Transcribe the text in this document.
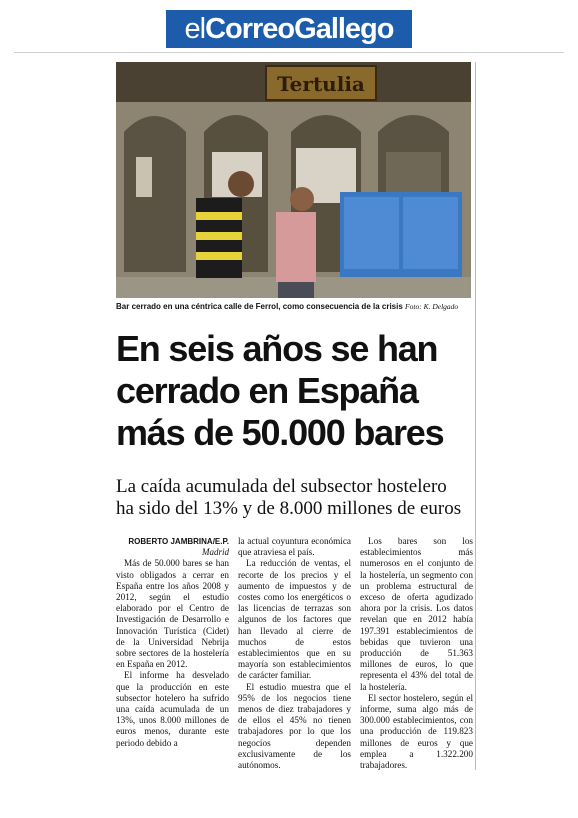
elCorreoGallego
Tertulia
Bar cerrado en una céntrica calle de Ferrol, como consecuencia de la crisis Foto: K. Delgado
En seis años se han
cerrado en España
más de 50.000 bares
La caída acumulada del subsector hostelero
ha sido del 13% y de 8.000 millones de euros

ROBERTO JAMBRINA/E.P.

Madrid

Más de 50.000 bares se han visto obligados a cerrar en España entre los años 2008 y 2012, según el estudio elaborado por el Centro de Investigación de Desarrollo e Innovación Turística (Cidet) de la Universidad Nebrija sobre sectores de la hostelería en España en 2012.

El informe ha desvelado que la producción en este subsector hotelero ha sufrido una caída acumulada de un 13%, unos 8.000 millones de euros menos, durante este periodo debido a

la actual coyuntura económica que atraviesa el país.

La reducción de ventas, el recorte de los precios y el aumento de impuestos y de costes como los energéticos o las licencias de terrazas son algunos de los factores que han llevado al cierre de muchos de estos establecimientos que en su mayoría son establecimientos de carácter familiar.

El estudio muestra que el 95% de los negocios tiene menos de diez trabajadores y de ellos el 45% no tienen trabajadores por lo que los negocios dependen exclusivamente de los autónomos.

Los bares son los establecimientos más numerosos en el conjunto de la hostelería, un segmento con un problema estructural de exceso de oferta agudizado ahora por la crisis. Los datos revelan que en 2012 había 197.391 establecimientos de bebidas que tuvieron una producción de 51.363 millones de euros, lo que representa el 43% del total de la hostelería.

El sector hostelero, según el informe, suma algo más de 300.000 establecimientos, con una producción de 119.823 millones de euros y que emplea a 1.322.200 trabajadores.
